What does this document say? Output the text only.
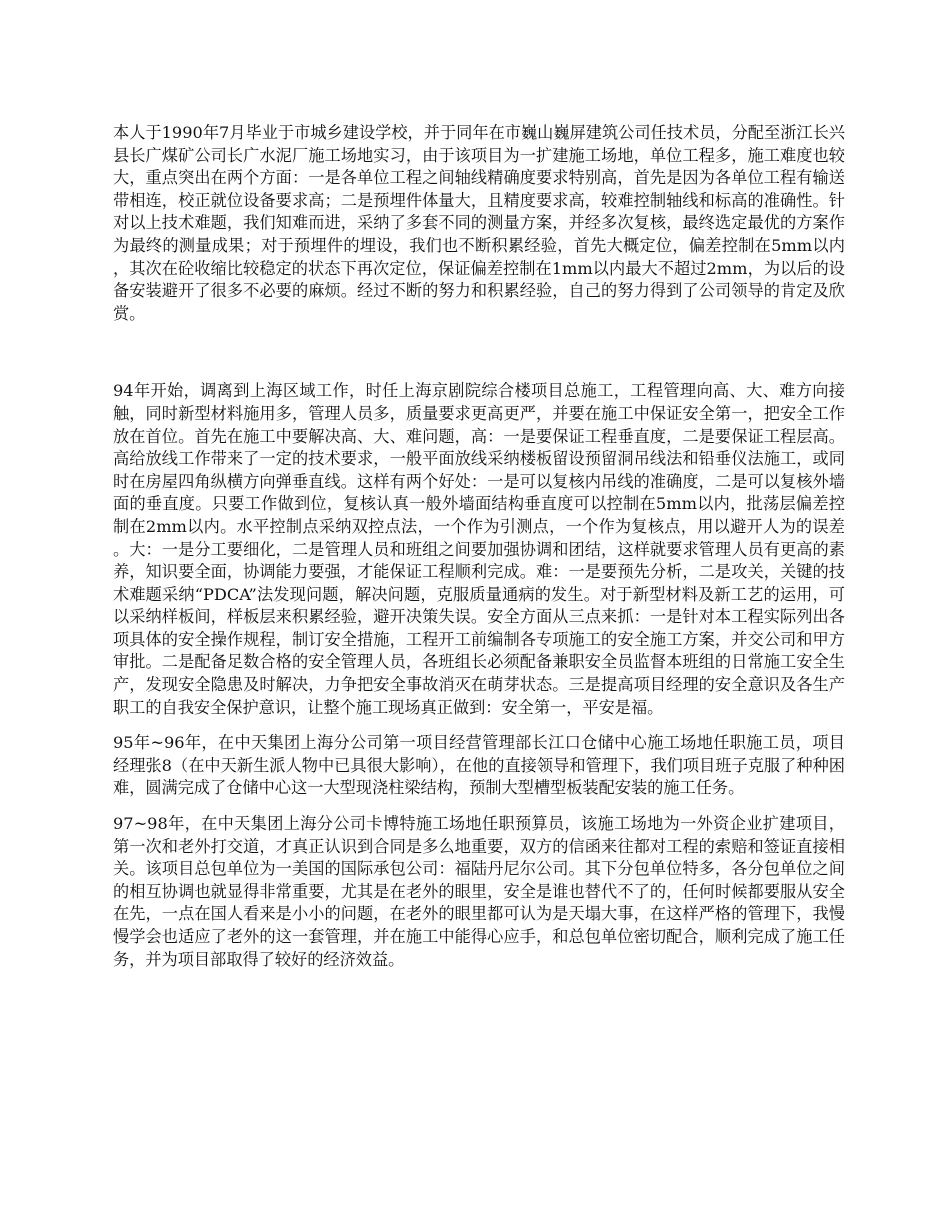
本人于1990年7月毕业于市城乡建设学校，并于同年在市巍山巍屏建筑公司任技术员，分配至浙江长兴县长广煤矿公司长广水泥厂施工场地实习，由于该项目为一扩建施工场地，单位工程多，施工难度也较大，重点突出在两个方面：一是各单位工程之间轴线精确度要求特别高，首先是因为各单位工程有输送带相连，校正就位设备要求高；二是预埋件体量大，且精度要求高，较难控制轴线和标高的准确性。针对以上技术难题，我们知难而进，采纳了多套不同的测量方案，并经多次复核，最终选定最优的方案作为最终的测量成果；对于预埋件的埋设，我们也不断积累经验，首先大概定位，偏差控制在5mm以内，其次在砼收缩比较稳定的状态下再次定位，保证偏差控制在1mm以内最大不超过2mm，为以后的设备安装避开了很多不必要的麻烦。经过不断的努力和积累经验，自己的努力得到了公司领导的肯定及欣赏。

94年开始，调离到上海区域工作，时任上海京剧院综合楼项目总施工，工程管理向高、大、难方向接触，同时新型材料施用多，管理人员多，质量要求更高更严，并要在施工中保证安全第一，把安全工作放在首位。首先在施工中要解决高、大、难问题，高：一是要保证工程垂直度，二是要保证工程层高。高给放线工作带来了一定的技术要求，一般平面放线采纳楼板留设预留洞吊线法和铅垂仪法施工，或同时在房屋四角纵横方向弹垂直线。这样有两个好处：一是可以复核内吊线的准确度，二是可以复核外墙面的垂直度。只要工作做到位，复核认真一般外墙面结构垂直度可以控制在5mm以内，批荡层偏差控制在2mm以内。水平控制点采纳双控点法，一个作为引测点，一个作为复核点，用以避开人为的误差。大：一是分工要细化，二是管理人员和班组之间要加强协调和团结，这样就要求管理人员有更高的素养，知识要全面，协调能力要强，才能保证工程顺利完成。难：一是要预先分析，二是攻关，关键的技术难题采纳“PDCA”法发现问题，解决问题，克服质量通病的发生。对于新型材料及新工艺的运用，可以采纳样板间，样板层来积累经验，避开决策失误。安全方面从三点来抓：一是针对本工程实际列出各项具体的安全操作规程，制订安全措施，工程开工前编制各专项施工的安全施工方案，并交公司和甲方审批。二是配备足数合格的安全管理人员，各班组长必须配备兼职安全员监督本班组的日常施工安全生产，发现安全隐患及时解决，力争把安全事故消灭在萌芽状态。三是提高项目经理的安全意识及各生产职工的自我安全保护意识，让整个施工现场真正做到：安全第一，平安是福。

95年~96年，在中天集团上海分公司第一项目经营管理部长江口仓储中心施工场地任职施工员，项目经理张8（在中天新生派人物中已具很大影响），在他的直接领导和管理下，我们项目班子克服了种种困难，圆满完成了仓储中心这一大型现浇柱梁结构，预制大型槽型板装配安装的施工任务。

97~98年，在中天集团上海分公司卡博特施工场地任职预算员，该施工场地为一外资企业扩建项目，第一次和老外打交道，才真正认识到合同是多么地重要，双方的信函来往都对工程的索赔和签证直接相关。该项目总包单位为一美国的国际承包公司：福陆丹尼尔公司。其下分包单位特多，各分包单位之间的相互协调也就显得非常重要，尤其是在老外的眼里，安全是谁也替代不了的，任何时候都要服从安全在先，一点在国人看来是小小的问题，在老外的眼里都可认为是天塌大事，在这样严格的管理下，我慢慢学会也适应了老外的这一套管理，并在施工中能得心应手，和总包单位密切配合，顺利完成了施工任务，并为项目部取得了较好的经济效益。
